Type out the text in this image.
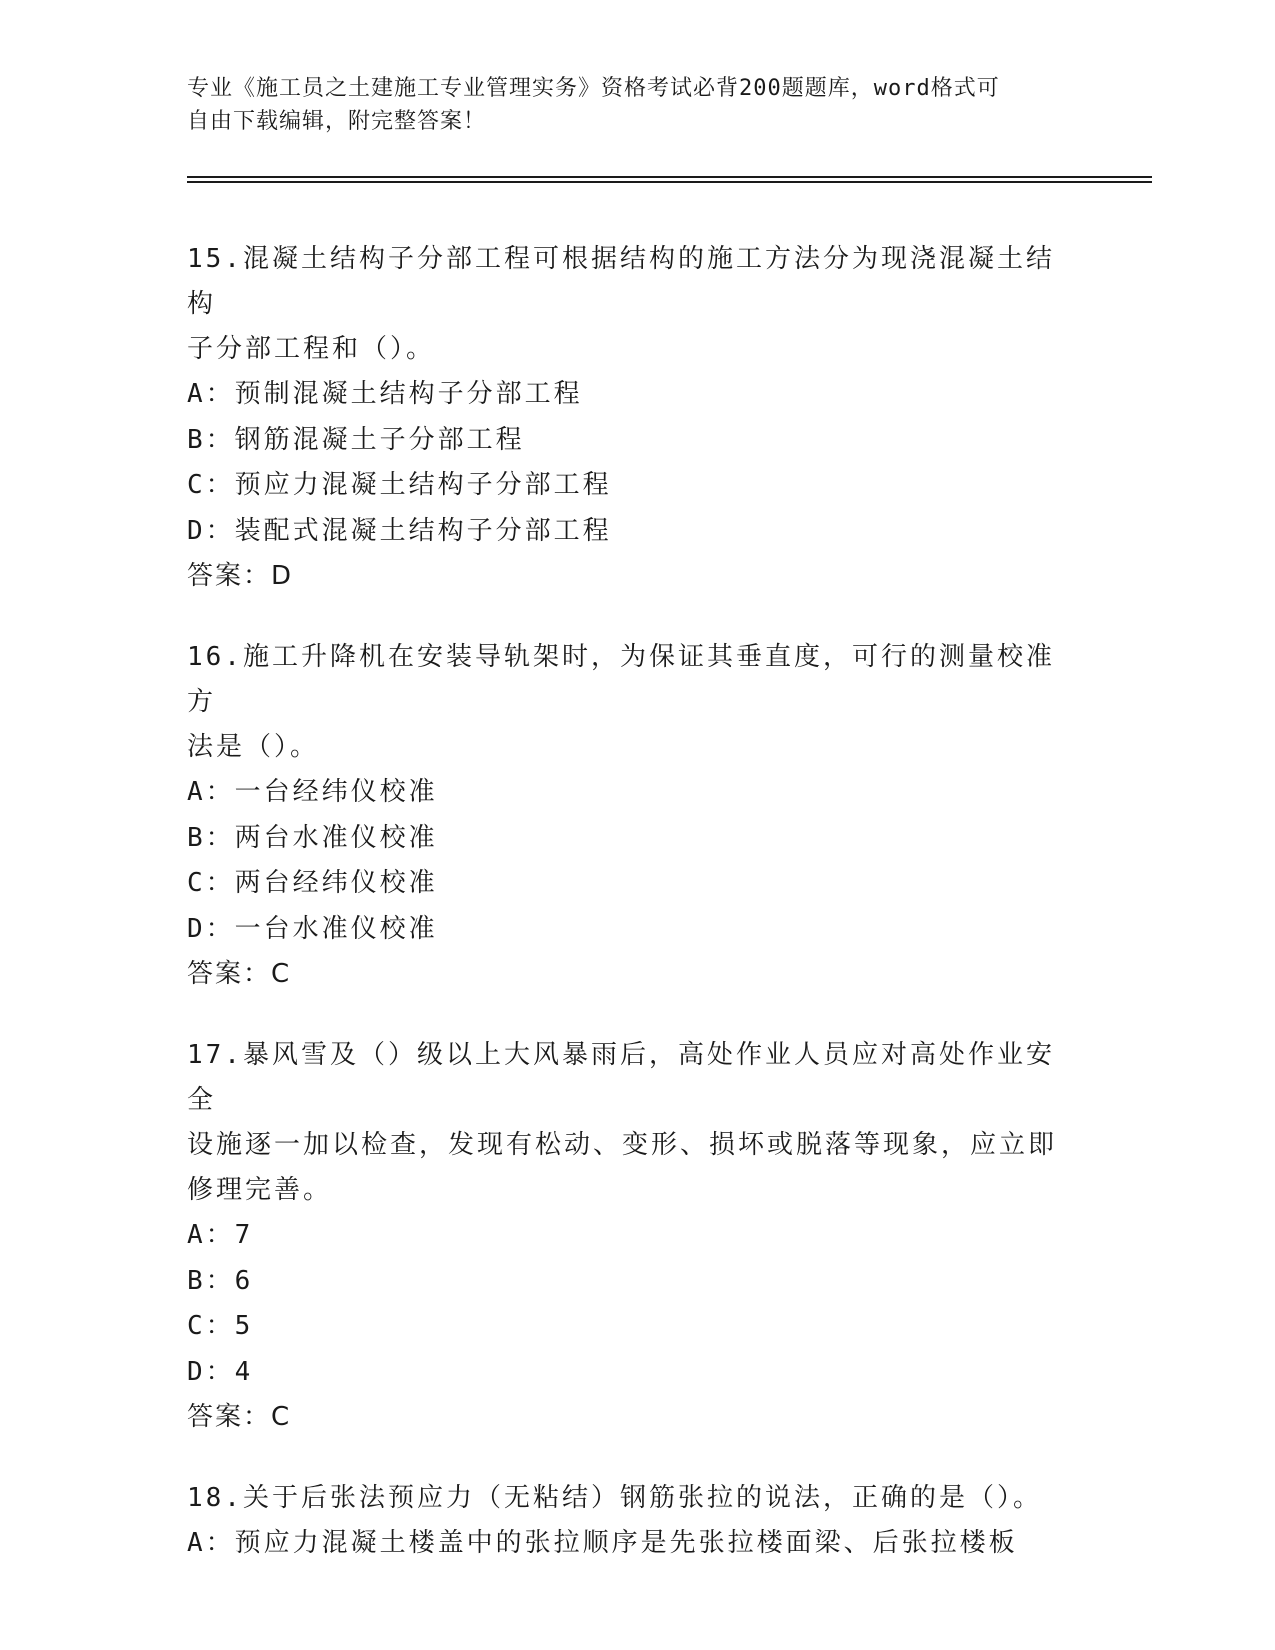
专业《施工员之土建施工专业管理实务》资格考试必背200题题库，word格式可
自由下载编辑，附完整答案！
15.混凝土结构子分部工程可根据结构的施工方法分为现浇混凝土结构
子分部工程和（）。
A：预制混凝土结构子分部工程
B：钢筋混凝土子分部工程
C：预应力混凝土结构子分部工程
D：装配式混凝土结构子分部工程
答案：D
16.施工升降机在安装导轨架时，为保证其垂直度，可行的测量校准方
法是（）。
A：一台经纬仪校准
B：两台水准仪校准
C：两台经纬仪校准
D：一台水准仪校准
答案：C
17.暴风雪及（）级以上大风暴雨后，高处作业人员应对高处作业安全
设施逐一加以检查，发现有松动、变形、损坏或脱落等现象，应立即
修理完善。
A：7
B：6
C：5
D：4
答案：C
18.关于后张法预应力（无粘结）钢筋张拉的说法，正确的是（）。
A：预应力混凝土楼盖中的张拉顺序是先张拉楼面梁、后张拉楼板
